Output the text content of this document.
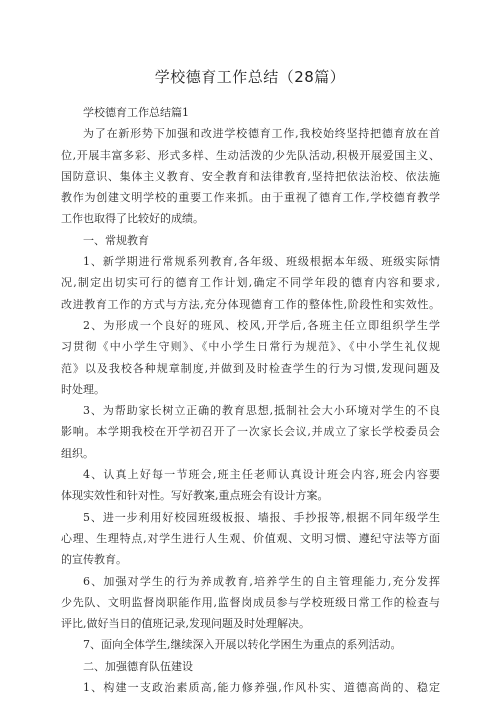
学校德育工作总结（28篇）
学校德育工作总结篇1
为了在新形势下加强和改进学校德育工作,我校始终坚持把德育放在首
位,开展丰富多彩、形式多样、生动活泼的少先队活动,积极开展爱国主义、
国防意识、集体主义教育、安全教育和法律教育,坚持把依法治校、依法施
教作为创建文明学校的重要工作来抓。由于重视了德育工作,学校德育教学
工作也取得了比较好的成绩。
一、常规教育
1、新学期进行常规系列教育,各年级、班级根据本年级、班级实际情
况,制定出切实可行的德育工作计划,确定不同学年段的德育内容和要求,
改进教育工作的方式与方法,充分体现德育工作的整体性,阶段性和实效性。
2、为形成一个良好的班风、校风,开学后,各班主任立即组织学生学
习贯彻《中小学生守则》、《中小学生日常行为规范》、《中小学生礼仪规
范》以及我校各种规章制度,并做到及时检查学生的行为习惯,发现问题及
时处理。
3、为帮助家长树立正确的教育思想,抵制社会大小环境对学生的不良
影响。本学期我校在开学初召开了一次家长会议,并成立了家长学校委员会
组织。
4、认真上好每一节班会,班主任老师认真设计班会内容,班会内容要
体现实效性和针对性。写好教案,重点班会有设计方案。
5、进一步利用好校园班级板报、墙报、手抄报等,根据不同年级学生
心理、生理特点,对学生进行人生观、价值观、文明习惯、遵纪守法等方面
的宣传教育。
6、加强对学生的行为养成教育,培养学生的自主管理能力,充分发挥
少先队、文明监督岗职能作用,监督岗成员参与学校班级日常工作的检查与
评比,做好当日的值班记录,发现问题及时处理解决。
7、面向全体学生,继续深入开展以转化学困生为重点的系列活动。
二、加强德育队伍建设
1、构建一支政治素质高,能力修养强,作风朴实、道德高尚的、稳定
